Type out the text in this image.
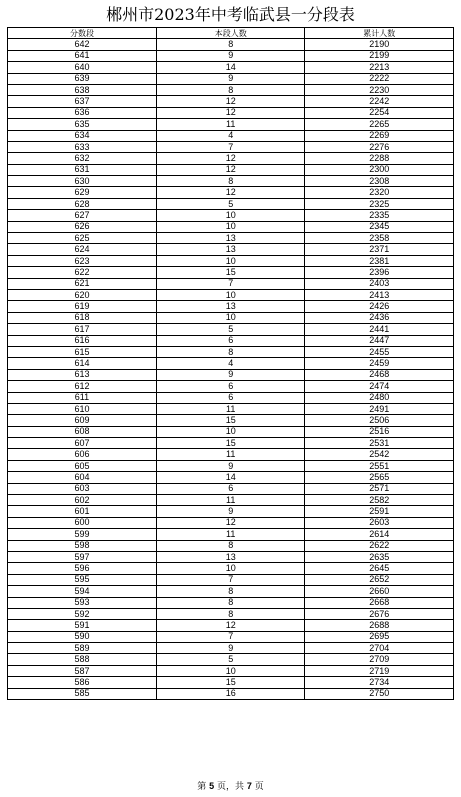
郴州市2023年中考临武县一分段表
分数段	本段人数	累计人数
642	8	2190
641	9	2199
640	14	2213
639	9	2222
638	8	2230
637	12	2242
636	12	2254
635	11	2265
634	4	2269
633	7	2276
632	12	2288
631	12	2300
630	8	2308
629	12	2320
628	5	2325
627	10	2335
626	10	2345
625	13	2358
624	13	2371
623	10	2381
622	15	2396
621	7	2403
620	10	2413
619	13	2426
618	10	2436
617	5	2441
616	6	2447
615	8	2455
614	4	2459
613	9	2468
612	6	2474
611	6	2480
610	11	2491
609	15	2506
608	10	2516
607	15	2531
606	11	2542
605	9	2551
604	14	2565
603	6	2571
602	11	2582
601	9	2591
600	12	2603
599	11	2614
598	8	2622
597	13	2635
596	10	2645
595	7	2652
594	8	2660
593	8	2668
592	8	2676
591	12	2688
590	7	2695
589	9	2704
588	5	2709
587	10	2719
586	15	2734
585	16	2750
第 5 页，共 7 页
